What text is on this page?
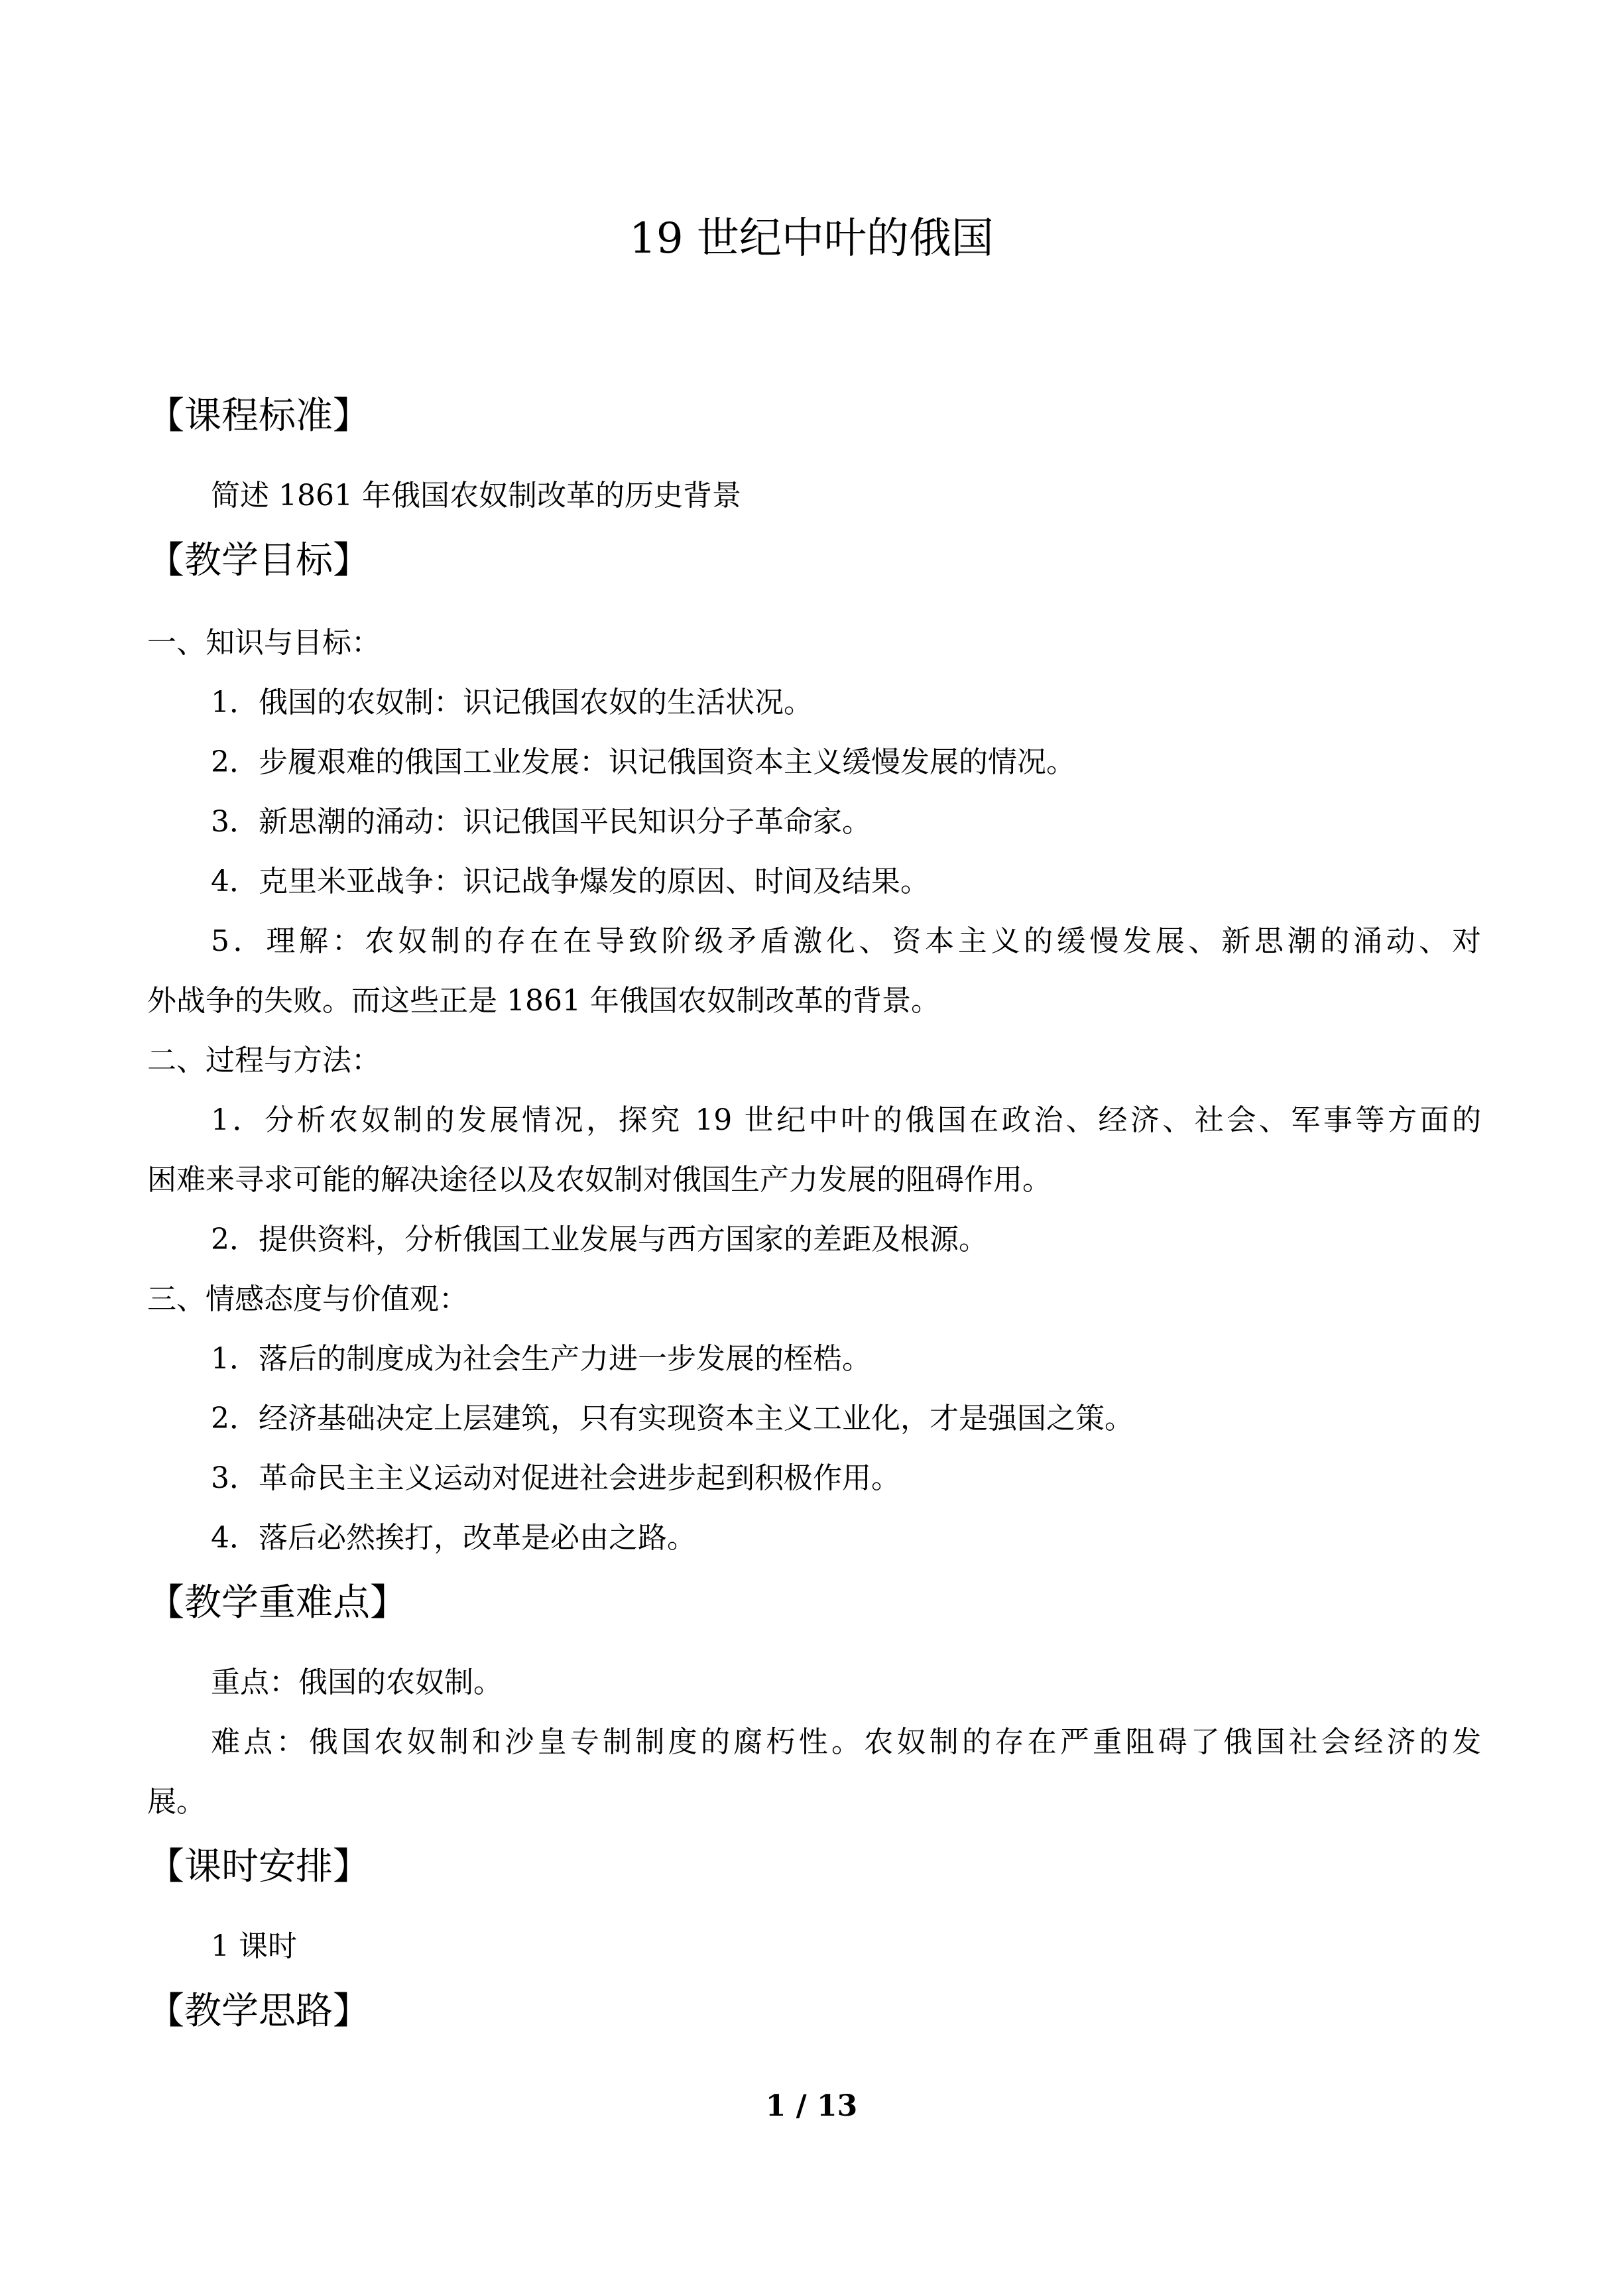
19 世纪中叶的俄国
【课程标准】
简述 1861 年俄国农奴制改革的历史背景
【教学目标】
一、知识与目标：
1．俄国的农奴制：识记俄国农奴的生活状况。
2．步履艰难的俄国工业发展：识记俄国资本主义缓慢发展的情况。
3．新思潮的涌动：识记俄国平民知识分子革命家。
4．克里米亚战争：识记战争爆发的原因、时间及结果。
5．理解：农奴制的存在在导致阶级矛盾激化、资本主义的缓慢发展、新思潮的涌动、对
外战争的失败。而这些正是 1861 年俄国农奴制改革的背景。
二、过程与方法：
1．分析农奴制的发展情况，探究 19 世纪中叶的俄国在政治、经济、社会、军事等方面的
困难来寻求可能的解决途径以及农奴制对俄国生产力发展的阻碍作用。
2．提供资料，分析俄国工业发展与西方国家的差距及根源。
三、情感态度与价值观：
1．落后的制度成为社会生产力进一步发展的桎梏。
2．经济基础决定上层建筑，只有实现资本主义工业化，才是强国之策。
3．革命民主主义运动对促进社会进步起到积极作用。
4．落后必然挨打，改革是必由之路。
【教学重难点】
重点：俄国的农奴制。
难点：俄国农奴制和沙皇专制制度的腐朽性。农奴制的存在严重阻碍了俄国社会经济的发
展。
【课时安排】
1 课时
【教学思路】
1 / 13
